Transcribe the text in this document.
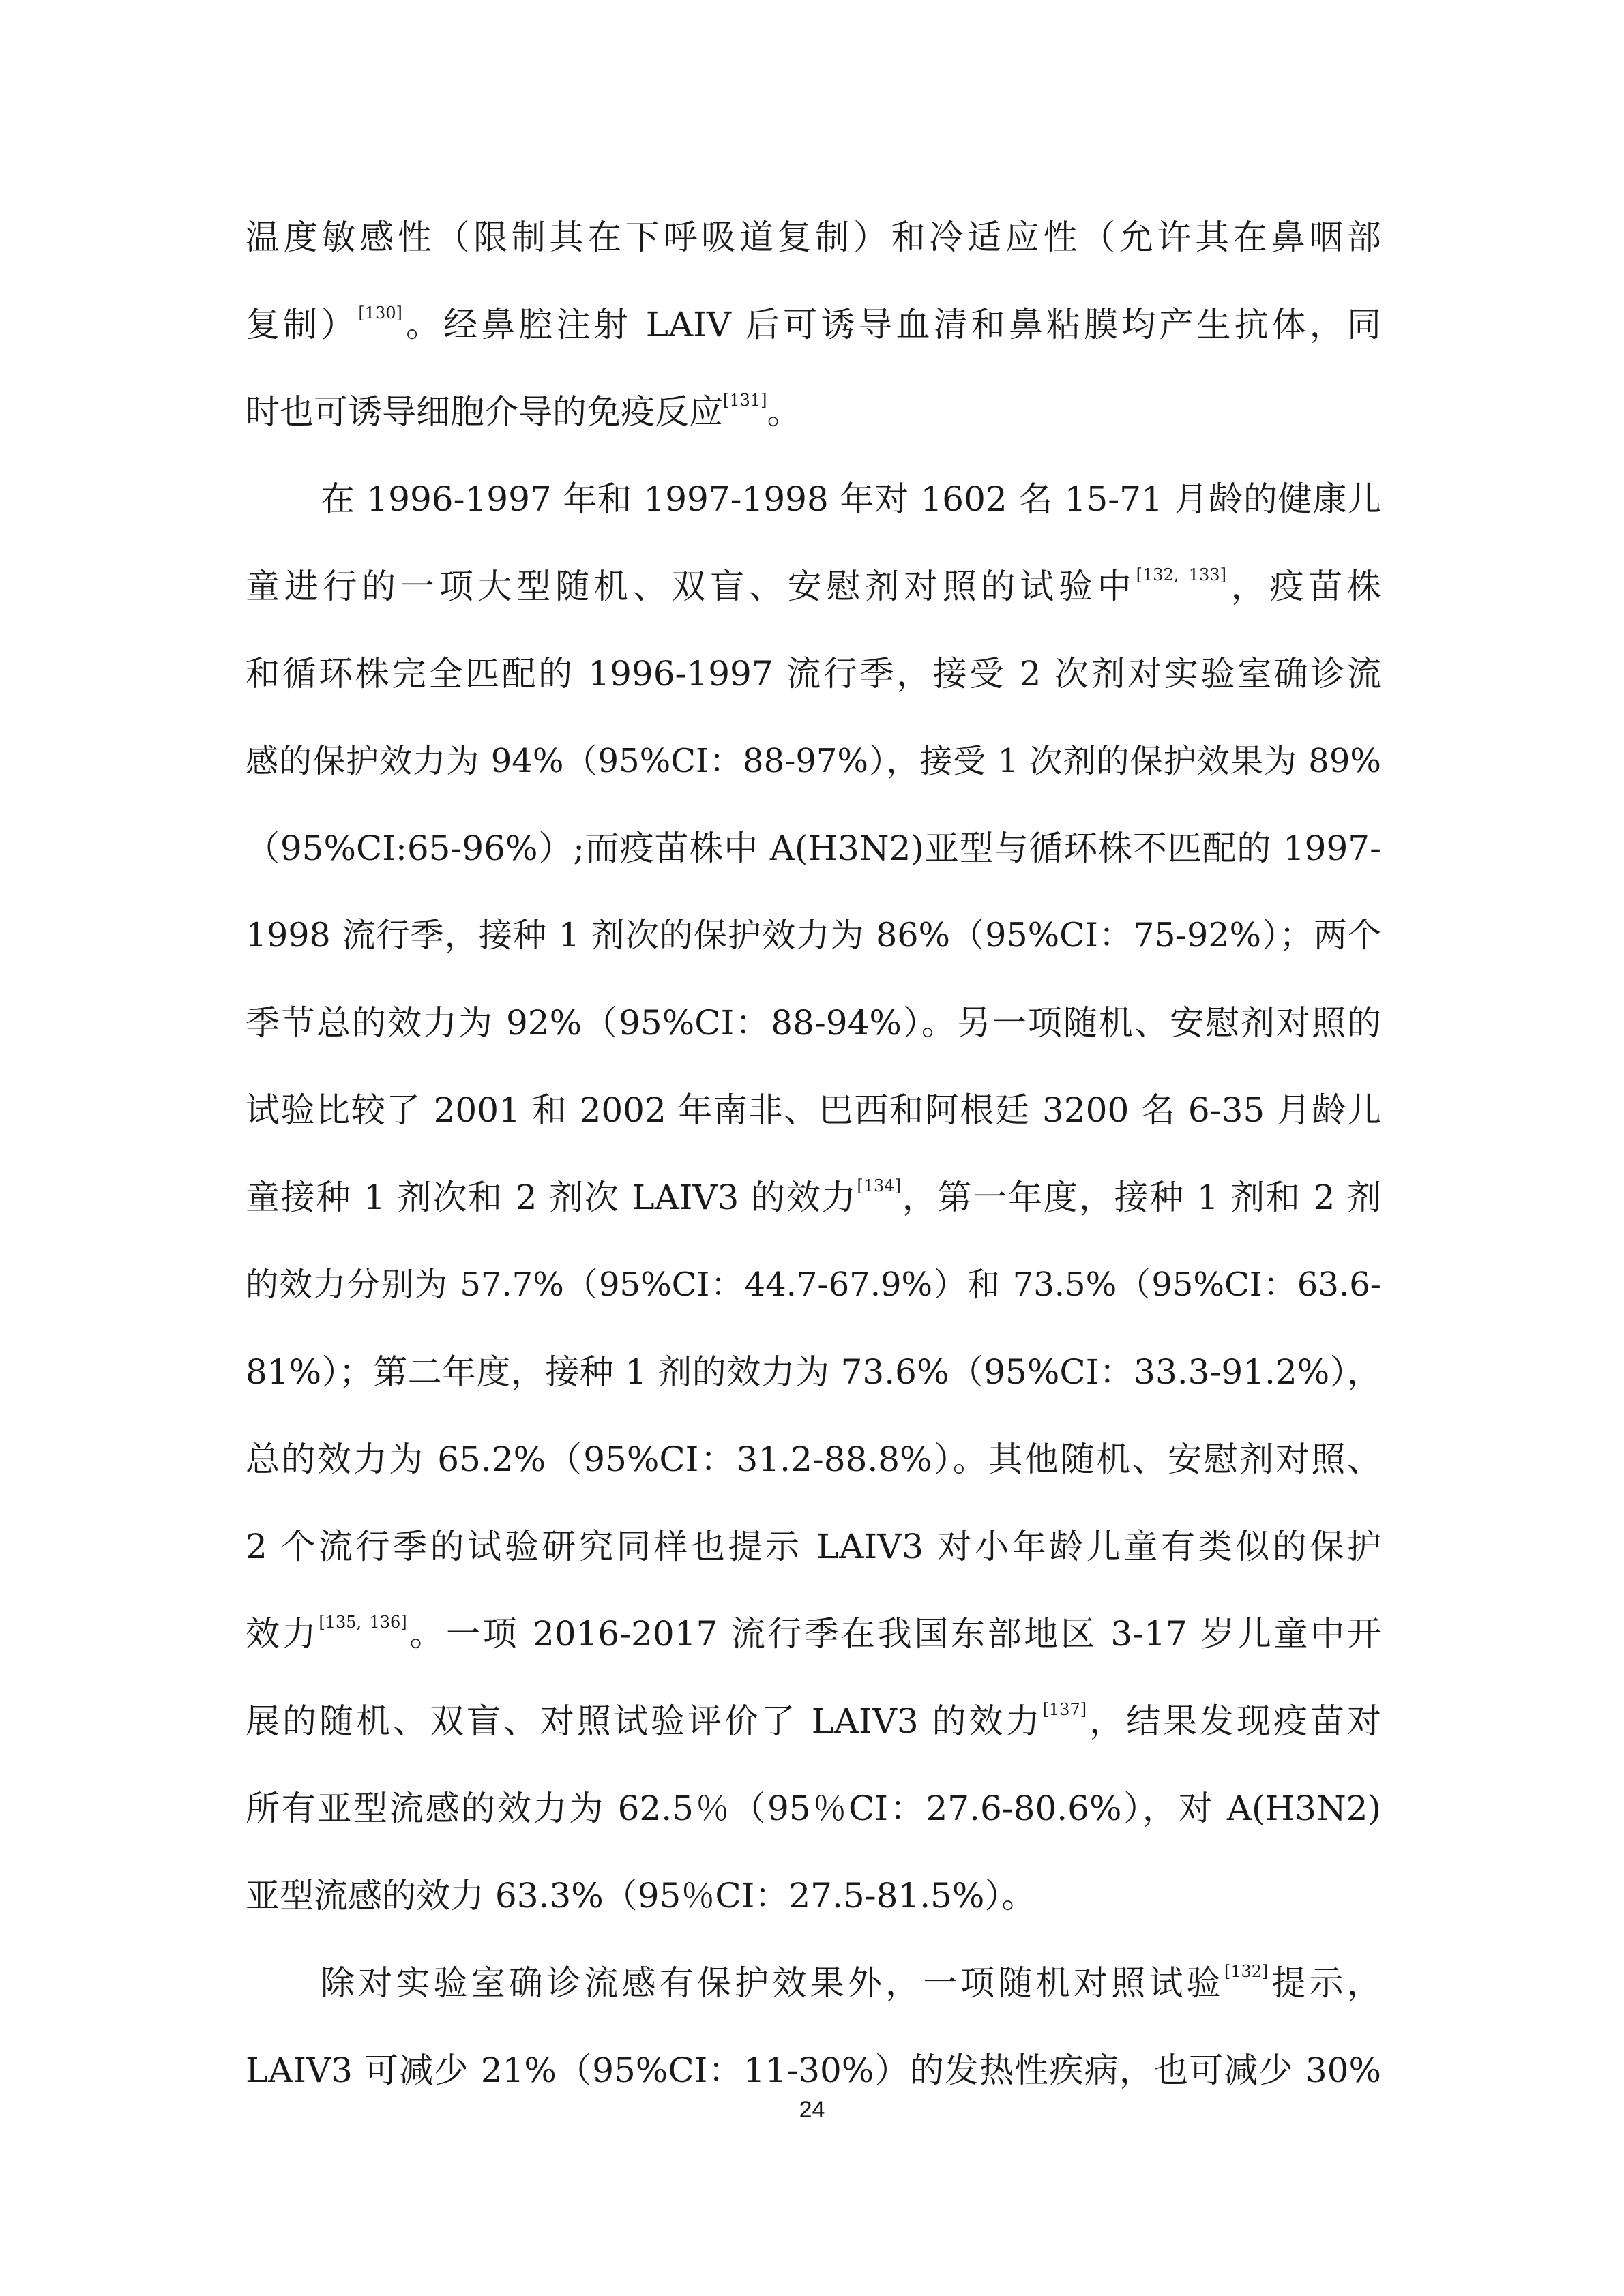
温度敏感性（限制其在下呼吸道复制）和冷适应性（允许其在鼻咽部
复制）[130]。经鼻腔注射 LAIV 后可诱导血清和鼻粘膜均产生抗体，同
时也可诱导细胞介导的免疫反应[131]。
在 1996-1997 年和 1997-1998 年对 1602 名 15-71 月龄的健康儿
童进行的一项大型随机、双盲、安慰剂对照的试验中[132, 133]，疫苗株
和循环株完全匹配的 1996-1997 流行季，接受 2 次剂对实验室确诊流
感的保护效力为 94%（95%CI：88-97%），接受 1 次剂的保护效果为 89%
（95%CI:65-96%）;而疫苗株中 A(H3N2)亚型与循环株不匹配的 1997-
1998 流行季，接种 1 剂次的保护效力为 86%（95%CI：75-92%）；两个
季节总的效力为 92%（95%CI：88-94%）。另一项随机、安慰剂对照的
试验比较了 2001 和 2002 年南非、巴西和阿根廷 3200 名 6-35 月龄儿
童接种 1 剂次和 2 剂次 LAIV3 的效力[134]，第一年度，接种 1 剂和 2 剂
的效力分别为 57.7%（95%CI：44.7-67.9%）和 73.5%（95%CI：63.6-
81%）；第二年度，接种 1 剂的效力为 73.6%（95%CI：33.3-91.2%），
总的效力为 65.2%（95%CI：31.2-88.8%）。其他随机、安慰剂对照、
2 个流行季的试验研究同样也提示 LAIV3 对小年龄儿童有类似的保护
效力[135, 136]。一项 2016-2017 流行季在我国东部地区 3-17 岁儿童中开
展的随机、双盲、对照试验评价了 LAIV3 的效力[137]，结果发现疫苗对
所有亚型流感的效力为 62.5％（95％CI：27.6-80.6%），对 A(H3N2)
亚型流感的效力 63.3%（95％CI：27.5-81.5%）。
除对实验室确诊流感有保护效果外，一项随机对照试验[132]提示，
LAIV3 可减少 21%（95%CI：11-30%）的发热性疾病，也可减少 30%
24
